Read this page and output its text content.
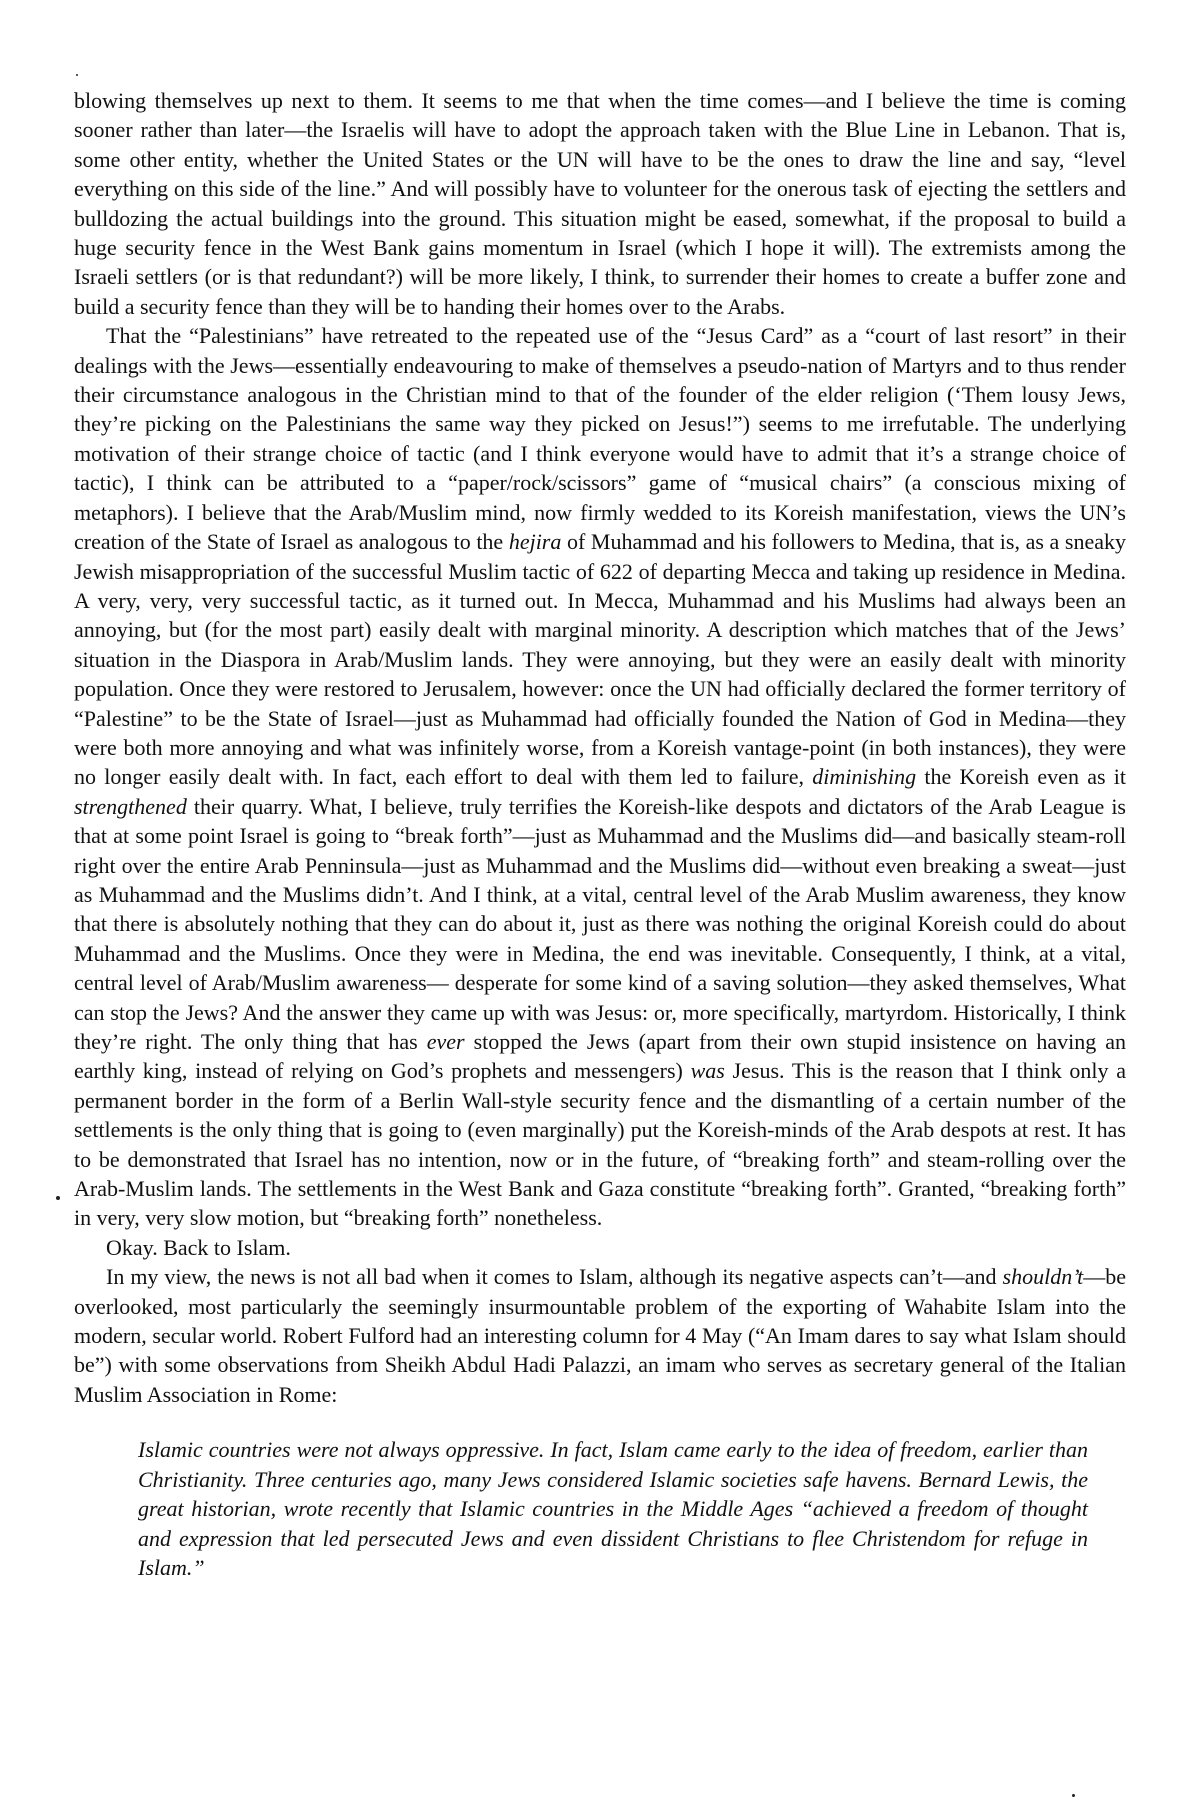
blowing themselves up next to them. It seems to me that when the time comes—and I believe the time is coming sooner rather than later—the Israelis will have to adopt the approach taken with the Blue Line in Lebanon. That is, some other entity, whether the United States or the UN will have to be the ones to draw the line and say, “level everything on this side of the line.” And will possibly have to volunteer for the onerous task of ejecting the settlers and bulldozing the actual buildings into the ground. This situation might be eased, somewhat, if the proposal to build a huge security fence in the West Bank gains momentum in Israel (which I hope it will). The extremists among the Israeli settlers (or is that redundant?) will be more likely, I think, to surrender their homes to create a buffer zone and build a security fence than they will be to handing their homes over to the Arabs.

That the “Palestinians” have retreated to the repeated use of the “Jesus Card” as a “court of last resort” in their dealings with the Jews—essentially endeavouring to make of themselves a pseudo-nation of Martyrs and to thus render their circumstance analogous in the Christian mind to that of the founder of the elder religion (‘Them lousy Jews, they’re picking on the Palestinians the same way they picked on Jesus!”) seems to me irrefutable. The underlying motivation of their strange choice of tactic (and I think everyone would have to admit that it’s a strange choice of tactic), I think can be attributed to a “paper/rock/scissors” game of “musical chairs” (a conscious mixing of metaphors). I believe that the Arab/Muslim mind, now firmly wedded to its Koreish manifestation, views the UN’s creation of the State of Israel as analogous to the hejira of Muhammad and his followers to Medina, that is, as a sneaky Jewish misappropriation of the successful Muslim tactic of 622 of departing Mecca and taking up residence in Medina. A very, very, very successful tactic, as it turned out. In Mecca, Muhammad and his Muslims had always been an annoying, but (for the most part) easily dealt with marginal minority. A description which matches that of the Jews’ situation in the Diaspora in Arab/Muslim lands. They were annoying, but they were an easily dealt with minority population. Once they were restored to Jerusalem, however: once the UN had officially declared the former territory of “Palestine” to be the State of Israel—just as Muhammad had officially founded the Nation of God in Medina—they were both more annoying and what was infinitely worse, from a Koreish vantage-point (in both instances), they were no longer easily dealt with. In fact, each effort to deal with them led to failure, diminishing the Koreish even as it strengthened their quarry. What, I believe, truly terrifies the Koreish-like despots and dictators of the Arab League is that at some point Israel is going to “break forth”—just as Muhammad and the Muslims did—and basically steam-roll right over the entire Arab Penninsula—just as Muhammad and the Muslims did—without even breaking a sweat—just as Muhammad and the Muslims didn’t. And I think, at a vital, central level of the Arab Muslim awareness, they know that there is absolutely nothing that they can do about it, just as there was nothing the original Koreish could do about Muhammad and the Muslims. Once they were in Medina, the end was inevitable. Consequently, I think, at a vital, central level of Arab/Muslim awareness— desperate for some kind of a saving solution—they asked themselves, What can stop the Jews? And the answer they came up with was Jesus: or, more specifically, martyrdom. Historically, I think they’re right. The only thing that has ever stopped the Jews (apart from their own stupid insistence on having an earthly king, instead of relying on God’s prophets and messengers) was Jesus. This is the reason that I think only a permanent border in the form of a Berlin Wall-style security fence and the dismantling of a certain number of the settlements is the only thing that is going to (even marginally) put the Koreish-minds of the Arab despots at rest. It has to be demonstrated that Israel has no intention, now or in the future, of “breaking forth” and steam-rolling over the Arab-Muslim lands. The settlements in the West Bank and Gaza constitute “breaking forth”. Granted, “breaking forth” in very, very slow motion, but “breaking forth” nonetheless.

Okay. Back to Islam.

In my view, the news is not all bad when it comes to Islam, although its negative aspects can’t—and shouldn’t—be overlooked, most particularly the seemingly insurmountable problem of the exporting of Wahabite Islam into the modern, secular world. Robert Fulford had an interesting column for 4 May (“An Imam dares to say what Islam should be”) with some observations from Sheikh Abdul Hadi Palazzi, an imam who serves as secretary general of the Italian Muslim Association in Rome:

Islamic countries were not always oppressive. In fact, Islam came early to the idea of freedom, earlier than Christianity. Three centuries ago, many Jews considered Islamic societies safe havens. Bernard Lewis, the great historian, wrote recently that Islamic countries in the Middle Ages “achieved a freedom of thought and expression that led persecuted Jews and even dissident Christians to flee Christendom for refuge in Islam.”
